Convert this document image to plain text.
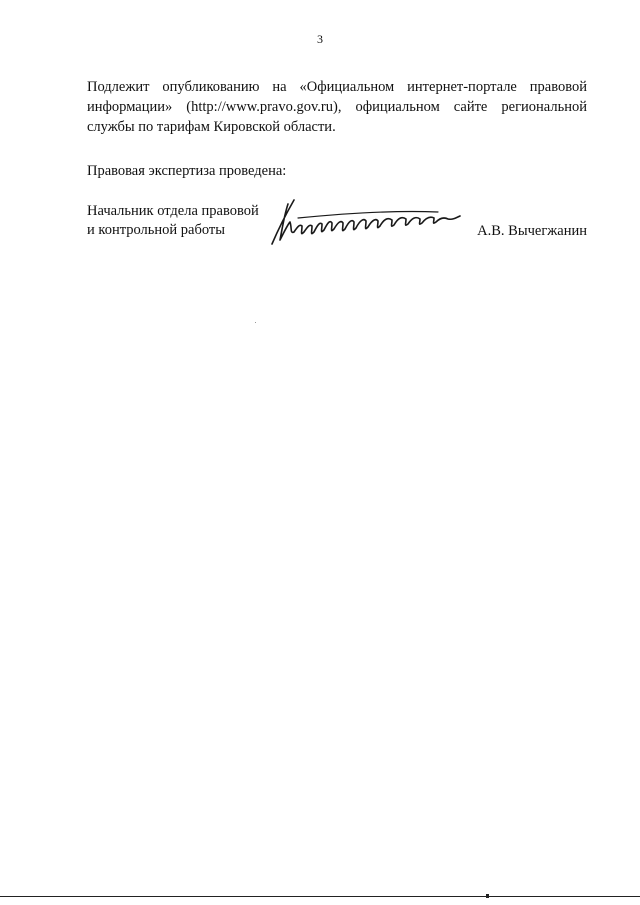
3
Подлежит опубликованию на «Официальном интернет-портале правовой
информации» (http://www.pravo.gov.ru), официальном сайте региональной
службы по тарифам Кировской области.
Правовая экспертиза проведена:
Начальник отдела правовой
и контрольной работы	А.В. Вычегжанин
